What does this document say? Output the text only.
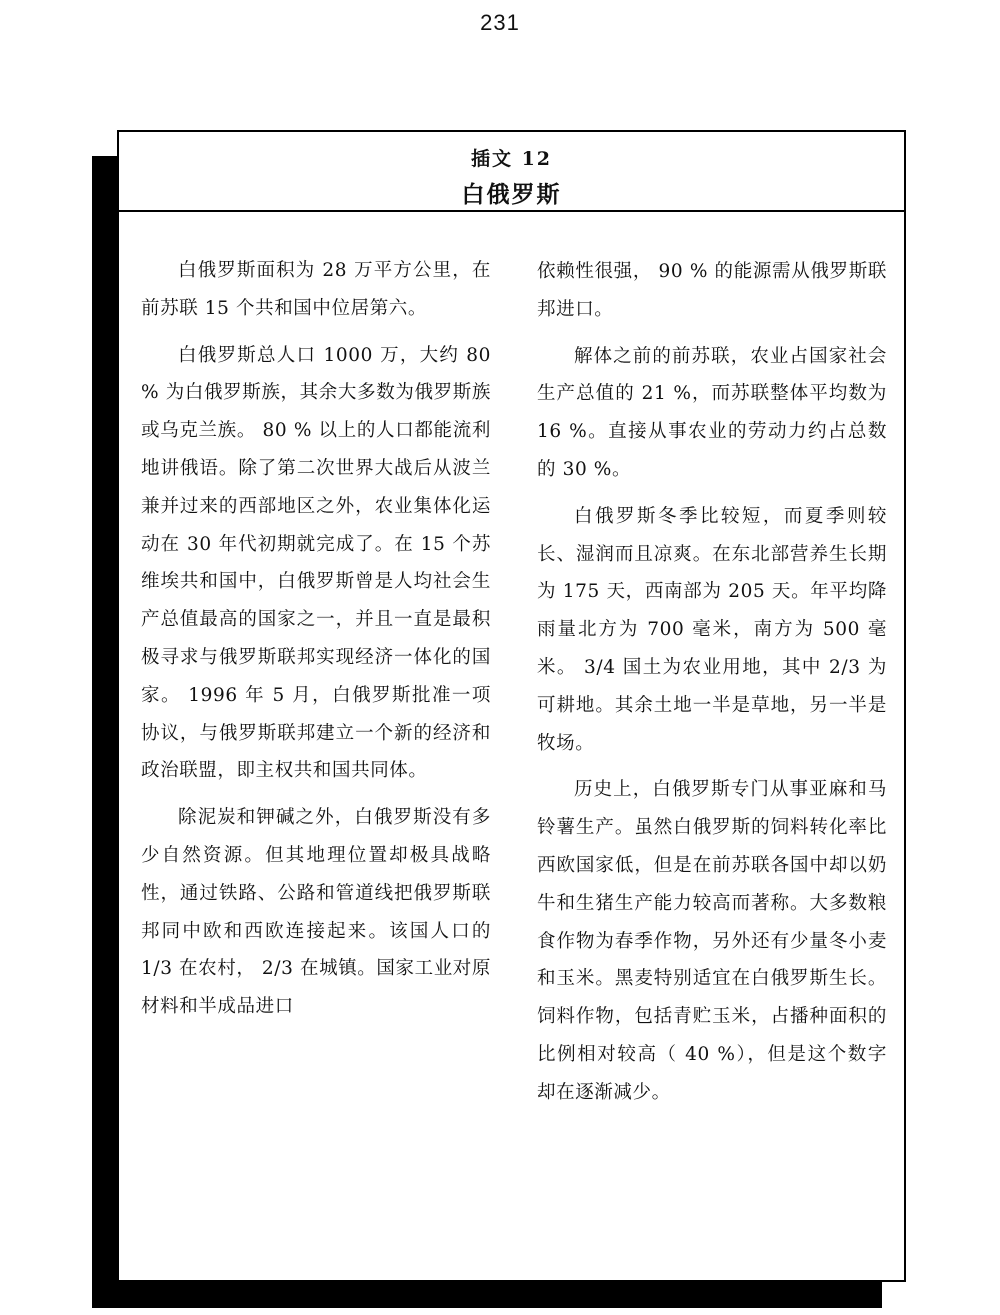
231
插文 12
白俄罗斯

白俄罗斯面积为 28 万平方公里，在前苏联 15 个共和国中位居第六。

白俄罗斯总人口 1000 万，大约 80 % 为白俄罗斯族，其余大多数为俄罗斯族或乌克兰族。 80 % 以上的人口都能流利地讲俄语。除了第二次世界大战后从波兰兼并过来的西部地区之外，农业集体化运动在 30 年代初期就完成了。在 15 个苏维埃共和国中，白俄罗斯曾是人均社会生产总值最高的国家之一，并且一直是最积极寻求与俄罗斯联邦实现经济一体化的国家。 1996 年 5 月，白俄罗斯批准一项协议，与俄罗斯联邦建立一个新的经济和政治联盟，即主权共和国共同体。

除泥炭和钾碱之外，白俄罗斯没有多少自然资源。但其地理位置却极具战略性，通过铁路、公路和管道线把俄罗斯联邦同中欧和西欧连接起来。该国人口的 1/3 在农村， 2/3 在城镇。国家工业对原材料和半成品进口

依赖性很强， 90 % 的能源需从俄罗斯联邦进口。

解体之前的前苏联，农业占国家社会生产总值的 21 %，而苏联整体平均数为 16 %。直接从事农业的劳动力约占总数的 30 %。

白俄罗斯冬季比较短，而夏季则较长、湿润而且凉爽。在东北部营养生长期为 175 天，西南部为 205 天。年平均降雨量北方为 700 毫米，南方为 500 毫米。 3/4 国土为农业用地，其中 2/3 为可耕地。其余土地一半是草地，另一半是牧场。

历史上，白俄罗斯专门从事亚麻和马铃薯生产。虽然白俄罗斯的饲料转化率比西欧国家低，但是在前苏联各国中却以奶牛和生猪生产能力较高而著称。大多数粮食作物为春季作物，另外还有少量冬小麦和玉米。黑麦特别适宜在白俄罗斯生长。饲料作物，包括青贮玉米，占播种面积的比例相对较高（ 40 %），但是这个数字却在逐渐减少。
